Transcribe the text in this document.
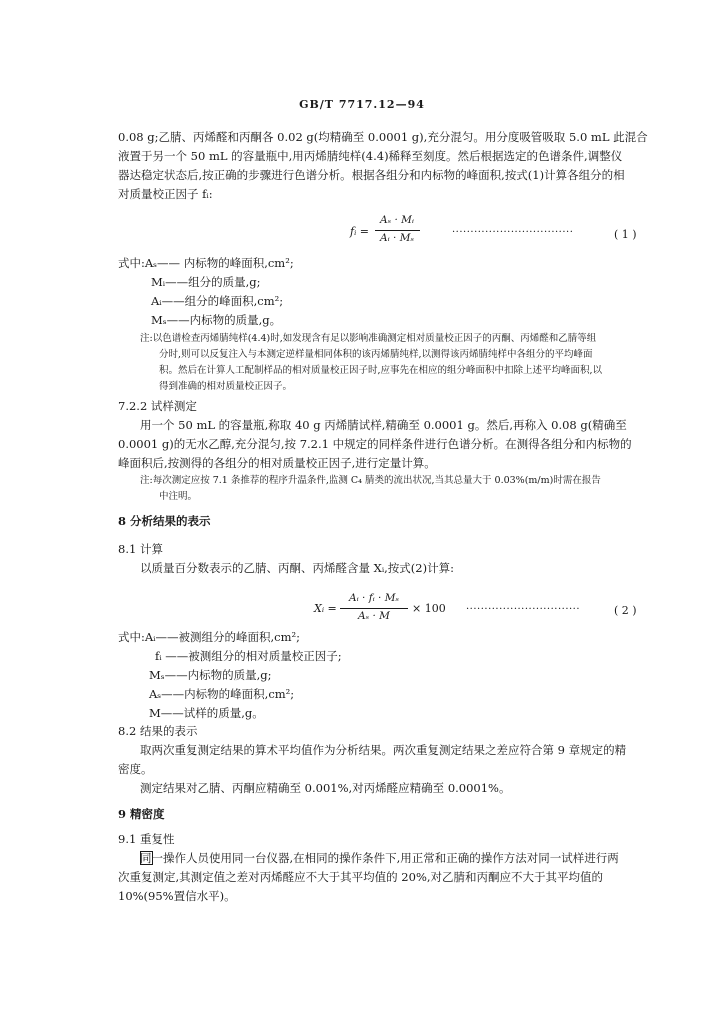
GB/T 7717.12—94
0.08 g;乙腈、丙烯醛和丙酮各 0.02 g(均精确至 0.0001 g),充分混匀。用分度吸管吸取 5.0 mL 此混合
液置于另一个 50 mL 的容量瓶中,用丙烯腈纯样(4.4)稀释至刻度。然后根据选定的色谱条件,调整仪
器达稳定状态后,按正确的步骤进行色谱分析。根据各组分和内标物的峰面积,按式(1)计算各组分的相
对质量校正因子 fᵢ:
fᵢ =
Aₛ · Mᵢ
Aᵢ · Mₛ	·································	( 1 )
式中:Aₛ—— 内标物的峰面积,cm²;
Mᵢ——组分的质量,g;
Aᵢ——组分的峰面积,cm²;
Mₛ——内标物的质量,g。
注:以色谱检查丙烯腈纯样(4.4)时,如发现含有足以影响准确测定相对质量校正因子的丙酮、丙烯醛和乙腈等组
分时,则可以反复注入与本测定逆样量相同体积的该丙烯腈纯样,以测得该丙烯腈纯样中各组分的平均峰面
积。然后在计算人工配制样品的相对质量校正因子时,应事先在相应的组分峰面积中扣除上述平均峰面积,以
得到准确的相对质量校正因子。
7.2.2 试样测定
用一个 50 mL 的容量瓶,称取 40 g 丙烯腈试样,精确至 0.0001 g。然后,再称入 0.08 g(精确至
0.0001 g)的无水乙醇,充分混匀,按 7.2.1 中规定的同样条件进行色谱分析。在测得各组分和内标物的
峰面积后,按测得的各组分的相对质量校正因子,进行定量计算。
注:每次测定应按 7.1 条推荐的程序升温条件,监测 C₄ 腈类的流出状况,当其总量大于 0.03%(m/m)时需在报告
中注明。
8 分析结果的表示
8.1 计算
以质量百分数表示的乙腈、丙酮、丙烯醛含量 Xᵢ,按式(2)计算:
Xᵢ =
Aᵢ · fᵢ · Mₛ
Aₛ · M
× 100 ·······························	( 2 )
式中:Aᵢ——被测组分的峰面积,cm²;
fᵢ ——被测组分的相对质量校正因子;
Mₛ——内标物的质量,g;
Aₛ——内标物的峰面积,cm²;
M——试样的质量,g。
8.2 结果的表示
取两次重复测定结果的算术平均值作为分析结果。两次重复测定结果之差应符合第 9 章规定的精
密度。
测定结果对乙腈、丙酮应精确至 0.001%,对丙烯醛应精确至 0.0001%。
9 精密度
9.1 重复性
同一操作人员使用同一台仪器,在相同的操作条件下,用正常和正确的操作方法对同一试样进行两
次重复测定,其测定值之差对丙烯醛应不大于其平均值的 20%,对乙腈和丙酮应不大于其平均值的
10%(95%置信水平)。
